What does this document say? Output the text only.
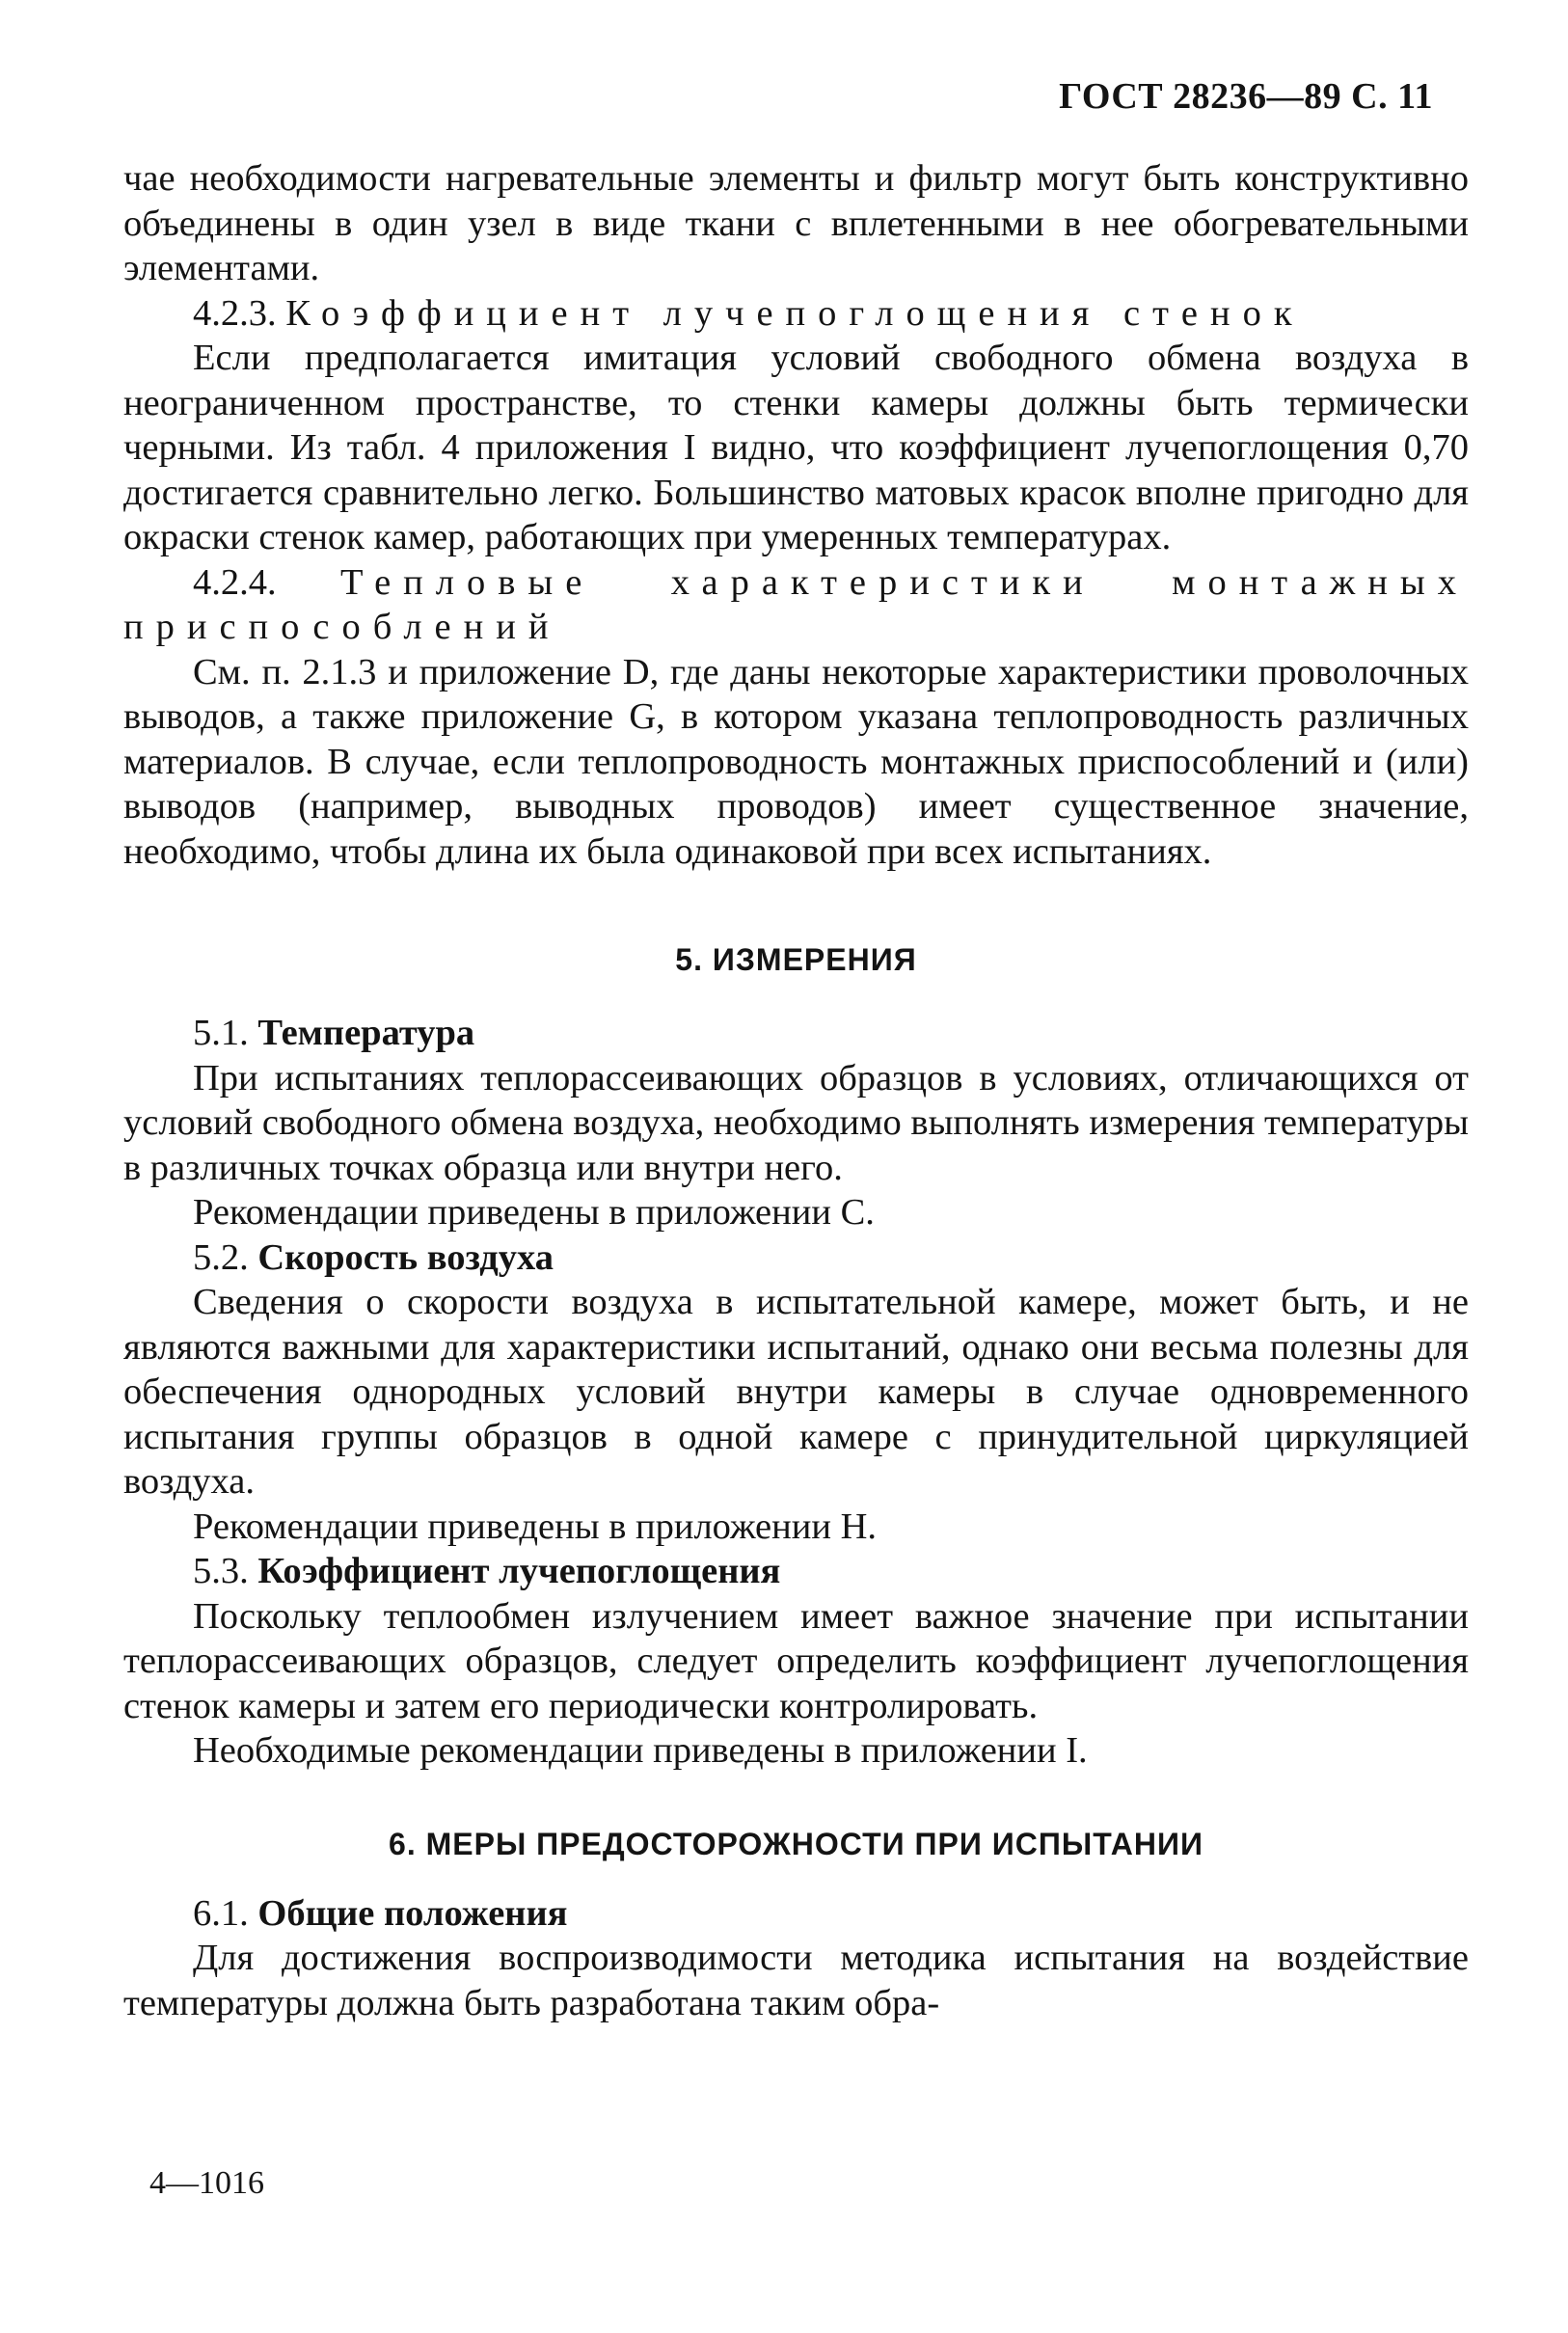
ГОСТ 28236—89 С. 11

чае необходимости нагревательные элементы и фильтр могут быть конструктивно объединены в один узел в виде ткани с вплетенными в нее обогревательными элементами.

4.2.3. Коэффициент лучепоглощения стенок

Если предполагается имитация условий свободного обмена воздуха в неограниченном пространстве, то стенки камеры должны быть термически черными. Из табл. 4 приложения I видно, что коэффициент лучепоглощения 0,70 достигается сравнительно легко. Большинство матовых красок вполне пригодно для окраски стенок камер, работающих при умеренных температурах.

4.2.4. Тепловые характеристики монтажных

приспособлений

См. п. 2.1.3 и приложение D, где даны некоторые характеристики проволочных выводов, а также приложение G, в котором указана теплопроводность различных материалов. В случае, если теплопроводность монтажных приспособлений и (или) выводов (например, выводных проводов) имеет существенное значение, необходимо, чтобы длина их была одинаковой при всех испытаниях.

5. ИЗМЕРЕНИЯ

5.1. Температура

При испытаниях теплорассеивающих образцов в условиях, отличающихся от условий свободного обмена воздуха, необходимо выполнять измерения температуры в различных точках образца или внутри него.

Рекомендации приведены в приложении C.

5.2. Скорость воздуха

Сведения о скорости воздуха в испытательной камере, может быть, и не являются важными для характеристики испытаний, однако они весьма полезны для обеспечения однородных условий внутри камеры в случае одновременного испытания группы образцов в одной камере с принудительной циркуляцией воздуха.

Рекомендации приведены в приложении H.

5.3. Коэффициент лучепоглощения

Поскольку теплообмен излучением имеет важное значение при испытании теплорассеивающих образцов, следует определить коэффициент лучепоглощения стенок камеры и затем его периодически контролировать.

Необходимые рекомендации приведены в приложении I.

6. МЕРЫ ПРЕДОСТОРОЖНОСТИ ПРИ ИСПЫТАНИИ

6.1. Общие положения

Для достижения воспроизводимости методика испытания на воздействие температуры должна быть разработана таким обра-

4—1016
